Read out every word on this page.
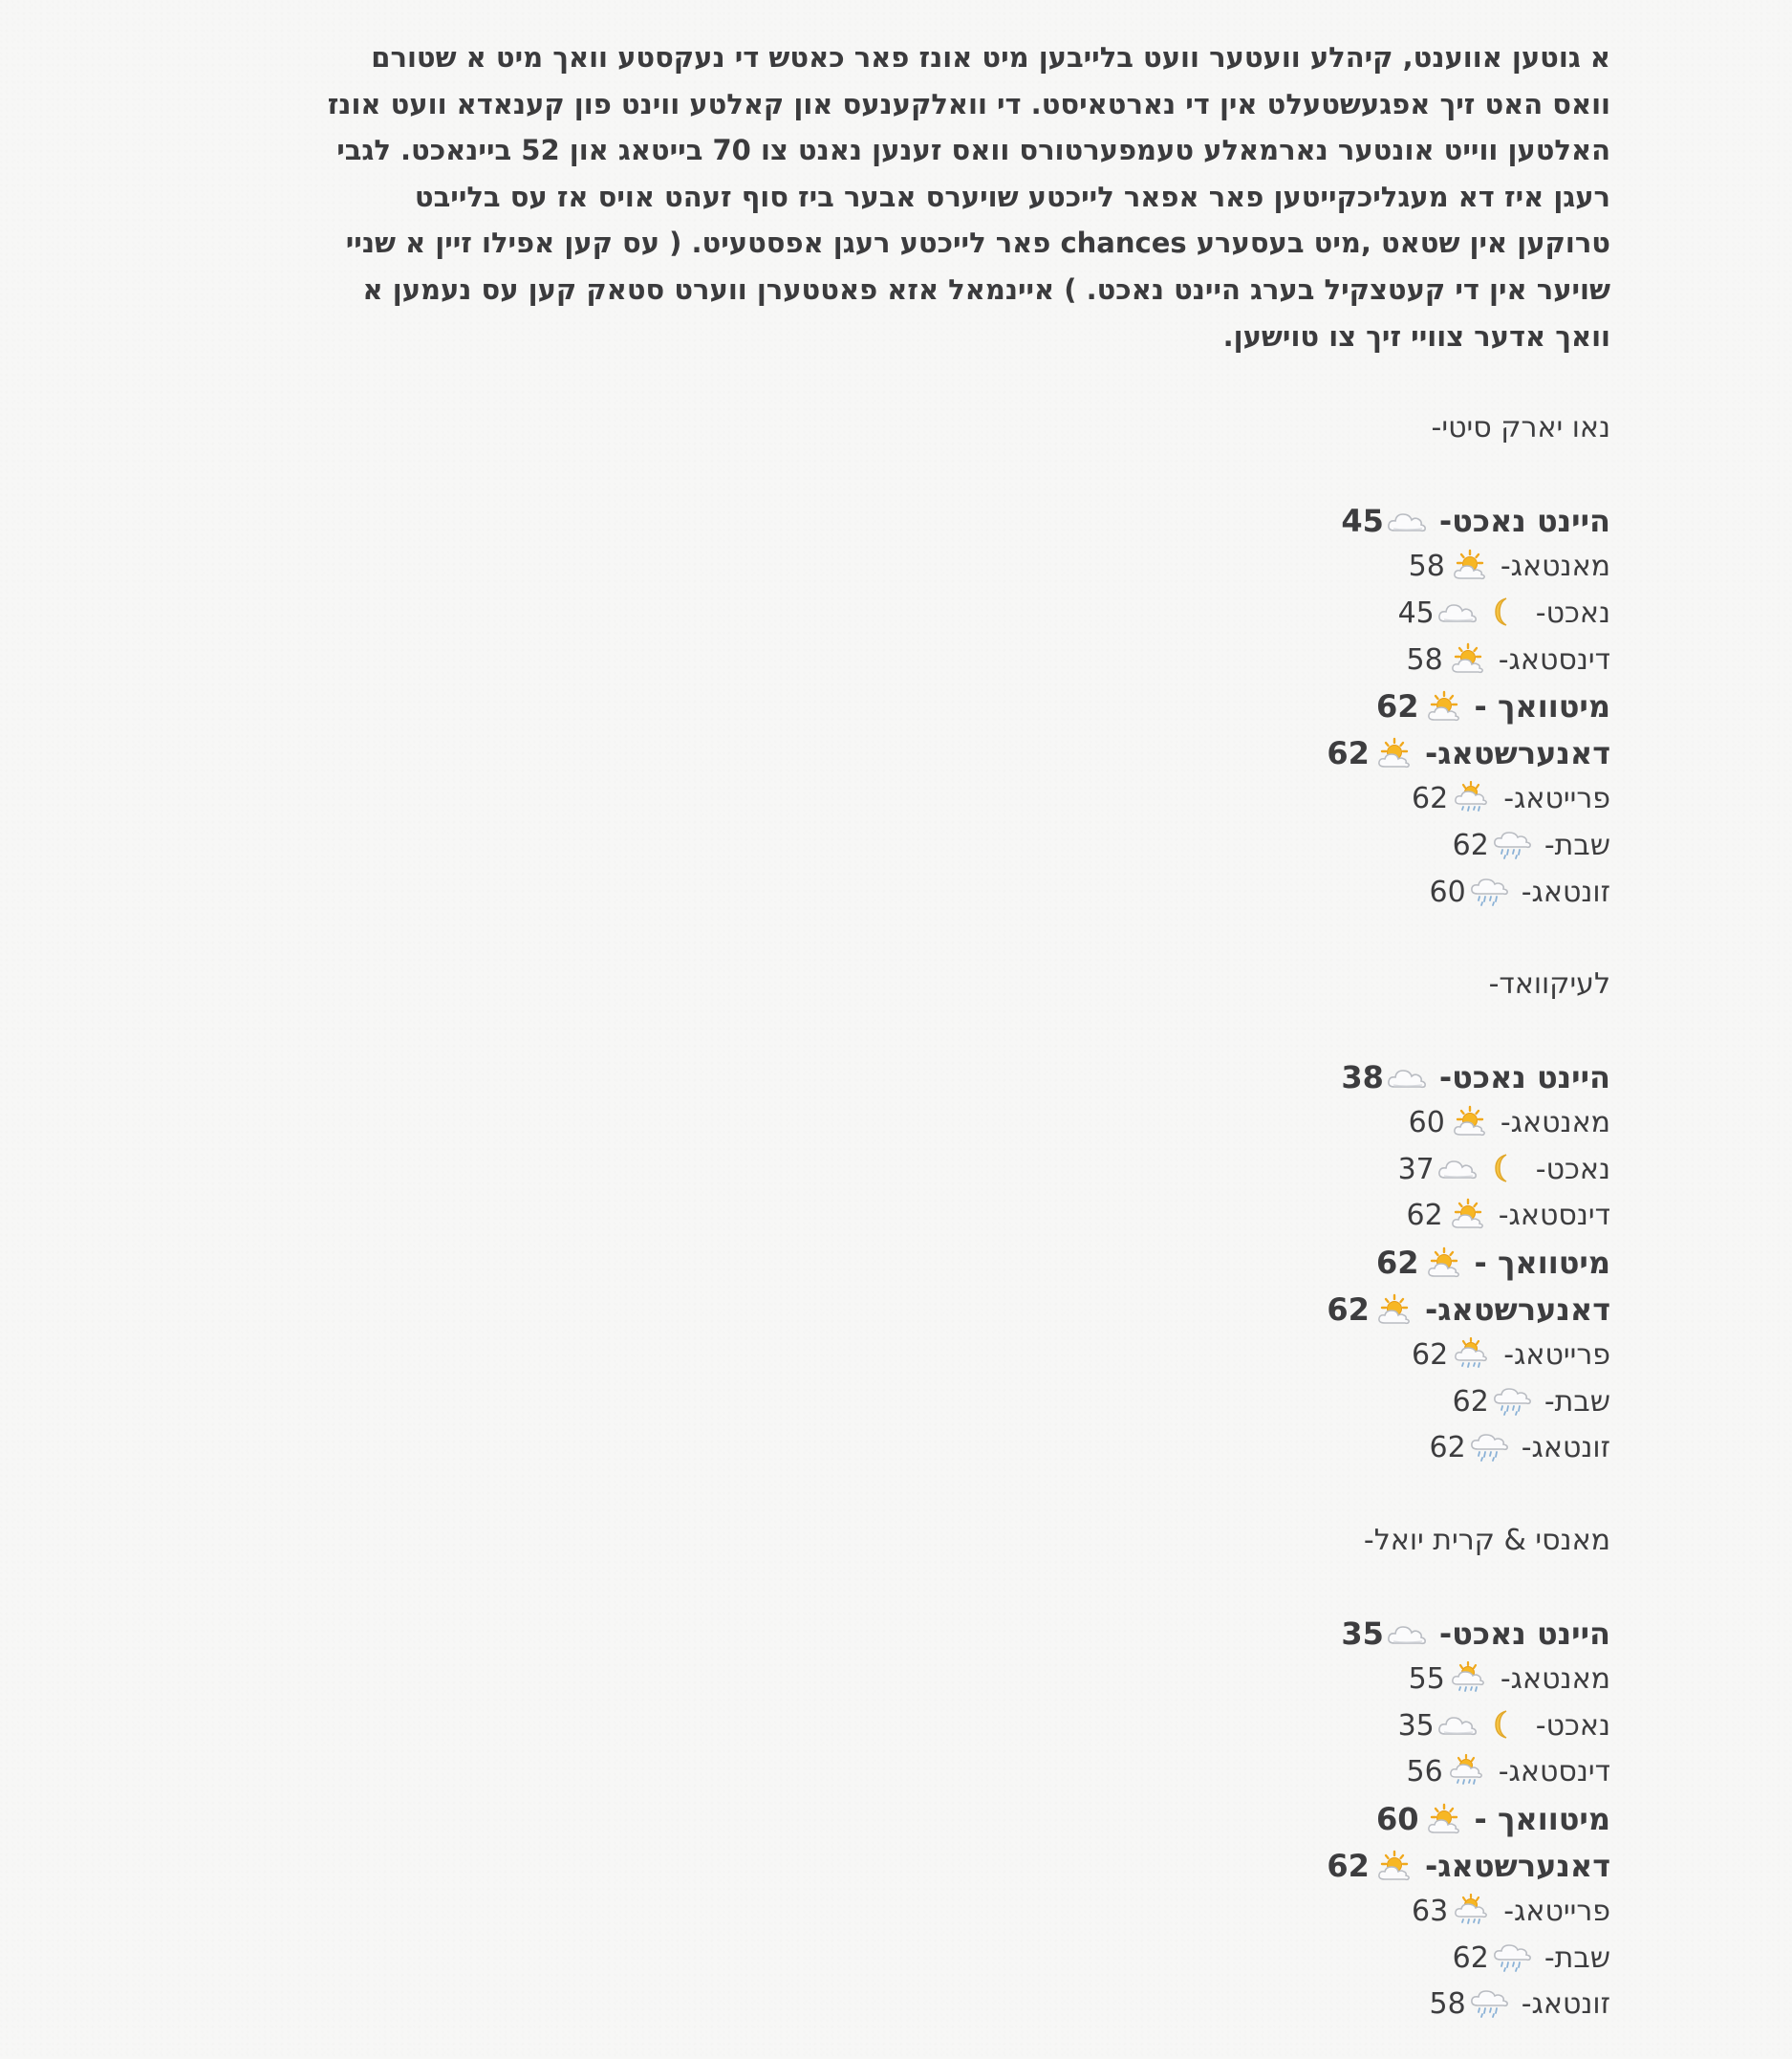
א גוטען אווענט, קיהלע וועטער וועט בלייבען מיט אונז פאר כאטש די נעקסטע וואך מיט א שטורם
וואס האט זיך אפגעשטעלט אין די נארטאיסט. די וואלקענעס און קאלטע ווינט פון קענאדא וועט אונז
האלטען ווייט אונטער נארמאלע טעמפערטורס וואס זענען נאנט צו 70 בייטאג און 52 ביינאכט. לגבי
רעגן איז דא מעגליכקייטען פאר אפאר לייכטע שויערס אבער ביז סוף זעהט אויס אז עס בלייבט
טרוקען אין שטאט ,מיט בעסערע chances פאר לייכטע רעגן אפסטעיט. ( עס קען אפילו זיין א שניי
שויער אין די קעטצקיל בערג היינט נאכט. ) איינמאל אזא פאטטערן ווערט סטאק קען עס נעמען א
וואך אדער צוויי זיך צו טוישען.

נאו יארק סיטי-
היינט נאכט-
45
מאנטאג-
58
נאכט-
45
דינסטאג-
58
מיטוואך -
62
דאנערשטאג-
62
פרייטאג-
62
שבת-
62
זונטאג-
60
לעיקוואד-
היינט נאכט-
38
מאנטאג-
60
נאכט-
37
דינסטאג-
62
מיטוואך -
62
דאנערשטאג-
62
פרייטאג-
62
שבת-
62
זונטאג-
62
מאנסי & קרית יואל-
היינט נאכט-
35
מאנטאג-
55
נאכט-
35
דינסטאג-
56
מיטוואך -
60
דאנערשטאג-
62
פרייטאג-
63
שבת-
62
זונטאג-
58
